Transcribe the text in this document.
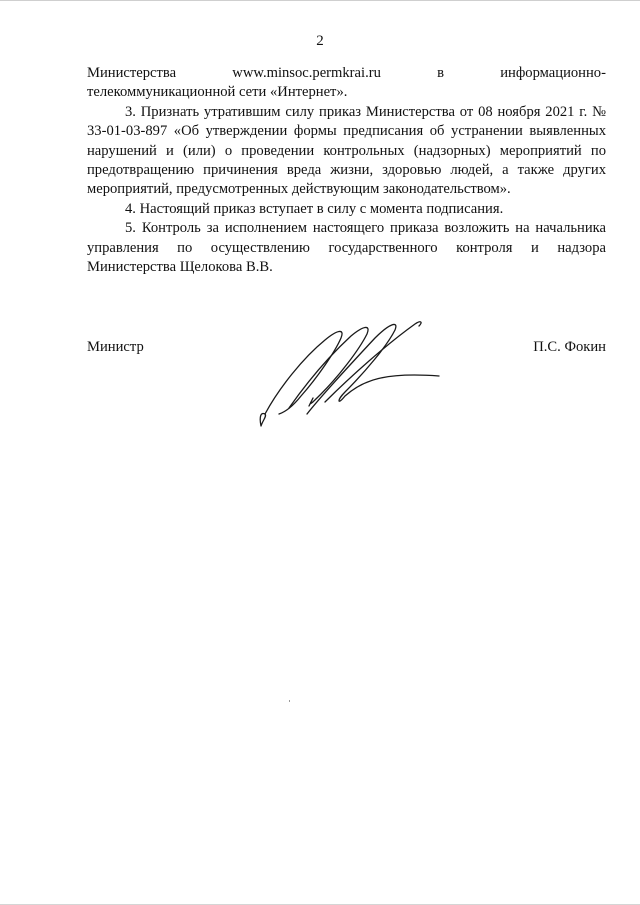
2

Министерства	www.minsoc.permkrai.ru	в	информационно-

телекоммуникационной сети «Интернет».

3. Признать утратившим силу приказ Министерства от 08 ноября 2021 г. № 33-01-03-897 «Об утверждении формы предписания об устранении выявленных нарушений и (или) о проведении контрольных (надзорных) мероприятий по предотвращению причинения вреда жизни, здоровью людей, а также других мероприятий, предусмотренных действующим законодательством».

4. Настоящий приказ вступает в силу с момента подписания.

5. Контроль за исполнением настоящего приказа возложить на начальника управления по осуществлению государственного контроля и надзора Министерства Щелокова В.В.

Министр	П.С. Фокин
